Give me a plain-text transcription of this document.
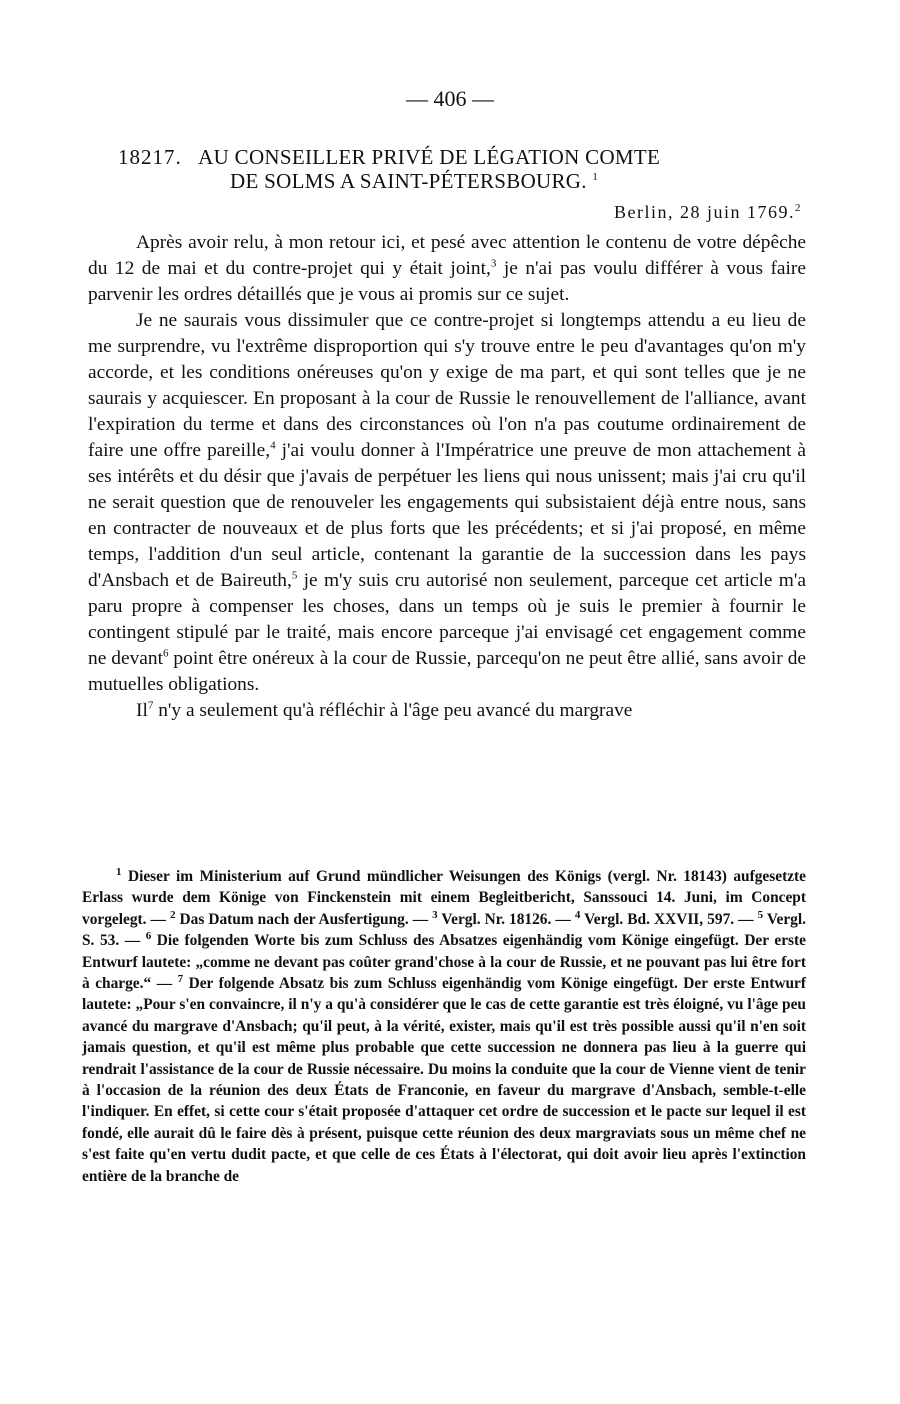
— 406 —
18217. AU CONSEILLER PRIVÉ DE LÉGATION COMTE
DE SOLMS A SAINT-PÉTERSBOURG. $^1$
Berlin, 28 juin 1769.$^2$

Après avoir relu, à mon retour ici, et pesé avec attention le contenu de votre dépêche du 12 de mai et du contre-projet qui y était joint,$^3$ je n'ai pas voulu différer à vous faire parvenir les ordres détaillés que je vous ai promis sur ce sujet.

Je ne saurais vous dissimuler que ce contre-projet si longtemps attendu a eu lieu de me surprendre, vu l'extrême disproportion qui s'y trouve entre le peu d'avantages qu'on m'y accorde, et les conditions onéreuses qu'on y exige de ma part, et qui sont telles que je ne saurais y acquiescer. En proposant à la cour de Russie le renouvellement de l'alliance, avant l'expiration du terme et dans des circonstances où l'on n'a pas coutume ordinairement de faire une offre pareille,$^4$ j'ai voulu donner à l'Impératrice une preuve de mon attachement à ses intérêts et du désir que j'avais de perpétuer les liens qui nous unissent; mais j'ai cru qu'il ne serait question que de renouveler les engagements qui subsistaient déjà entre nous, sans en contracter de nouveaux et de plus forts que les précédents; et si j'ai proposé, en même temps, l'addition d'un seul article, contenant la garantie de la succession dans les pays d'Ansbach et de Baireuth,$^5$ je m'y suis cru autorisé non seulement, parceque cet article m'a paru propre à compenser les choses, dans un temps où je suis le premier à fournir le contingent stipulé par le traité, mais encore parceque j'ai envisagé cet engagement comme ne devant$^6$ point être onéreux à la cour de Russie, parcequ'on ne peut être allié, sans avoir de mutuelles obligations.

Il$^7$ n'y a seulement qu'à réfléchir à l'âge peu avancé du margrave

$^1$ Dieser im Ministerium auf Grund mündlicher Weisungen des Königs (vergl. Nr. 18143) aufgesetzte Erlass wurde dem Könige von Finckenstein mit einem Begleitbericht, Sanssouci 14. Juni, im Concept vorgelegt. — $^2$ Das Datum nach der Ausfertigung. — $^3$ Vergl. Nr. 18126. — $^4$ Vergl. Bd. XXVII, 597. — $^5$ Vergl. S. 53. — $^6$ Die folgenden Worte bis zum Schluss des Absatzes eigenhändig vom Könige eingefügt. Der erste Entwurf lautete: „comme ne devant pas coûter grand'chose à la cour de Russie, et ne pouvant pas lui être fort à charge.“ — $^7$ Der folgende Absatz bis zum Schluss eigenhändig vom Könige eingefügt. Der erste Entwurf lautete: „Pour s'en convaincre, il n'y a qu'à considérer que le cas de cette garantie est très éloigné, vu l'âge peu avancé du margrave d'Ansbach; qu'il peut, à la vérité, exister, mais qu'il est très possible aussi qu'il n'en soit jamais question, et qu'il est même plus probable que cette succession ne donnera pas lieu à la guerre qui rendrait l'assistance de la cour de Russie nécessaire. Du moins la conduite que la cour de Vienne vient de tenir à l'occasion de la réunion des deux États de Franconie, en faveur du margrave d'Ansbach, semble-t-elle l'indiquer. En effet, si cette cour s'était proposée d'attaquer cet ordre de succession et le pacte sur lequel il est fondé, elle aurait dû le faire dès à présent, puisque cette réunion des deux margraviats sous un même chef ne s'est faite qu'en vertu dudit pacte, et que celle de ces États à l'électorat, qui doit avoir lieu après l'extinction entière de la branche de
